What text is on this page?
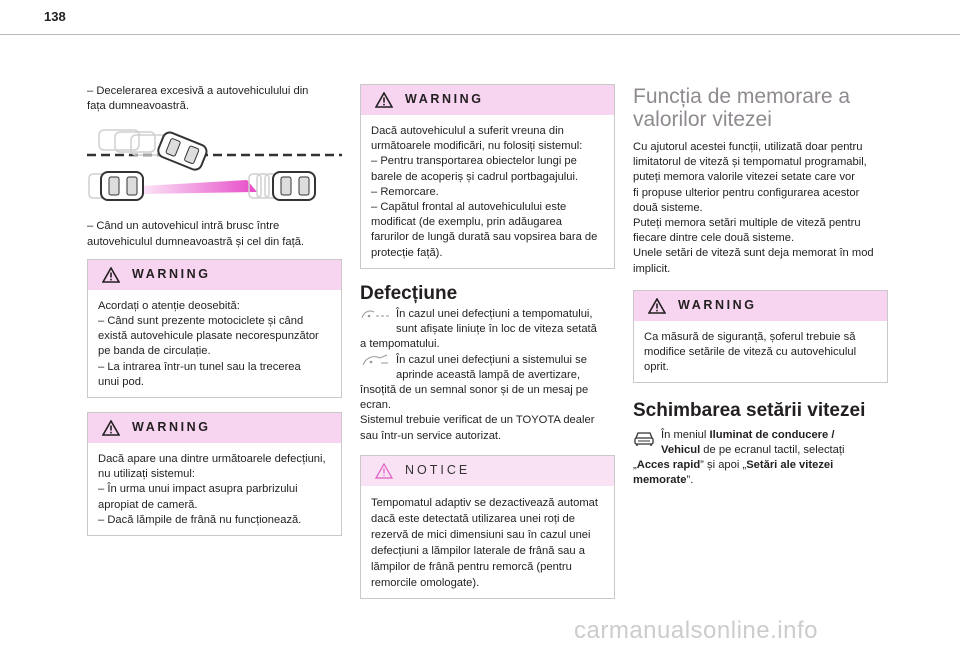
138
– Decelerarea excesivă a autovehiculului din
fața dumneavoastră.
– Când un autovehicul intră brusc între
autovehiculul dumneavoastră și cel din față.
WARNING
Acordați o atenție deosebită:
– Când sunt prezente motociclete și când
există autovehicule plasate necorespunzător
pe banda de circulație.
– La intrarea într-un tunel sau la trecerea
unui pod.
WARNING
Dacă apare una dintre următoarele defecțiuni,
nu utilizați sistemul:
– În urma unui impact asupra parbrizului
apropiat de cameră.
– Dacă lămpile de frână nu funcționează.
WARNING
Dacă autovehiculul a suferit vreuna din
următoarele modificări, nu folosiți sistemul:
– Pentru transportarea obiectelor lungi pe
barele de acoperiș și cadrul portbagajului.
– Remorcare.
– Capătul frontal al autovehiculului este
modificat (de exemplu, prin adăugarea
farurilor de lungă durată sau vopsirea bara de
protecție față).
Defecțiune
În cazul unei defecțiuni a tempomatului,
sunt afișate liniuțe în loc de viteza setată
a tempomatului.
În cazul unei defecțiuni a sistemului se
aprinde această lampă de avertizare,
însoțită de un semnal sonor și de un mesaj pe
ecran.
Sistemul trebuie verificat de un TOYOTA dealer
sau într-un service autorizat.
NOTICE
Tempomatul adaptiv se dezactivează automat
dacă este detectată utilizarea unei roți de
rezervă de mici dimensiuni sau în cazul unei
defecțiuni a lămpilor laterale de frână sau a
lămpilor de frână pentru remorcă (pentru
remorcile omologate).
Funcția de memorare a
valorilor vitezei
Cu ajutorul acestei funcții, utilizată doar pentru
limitatorul de viteză și tempomatul programabil,
puteți memora valorile vitezei setate care vor
fi propuse ulterior pentru configurarea acestor
două sisteme.
Puteți memora setări multiple de viteză pentru
fiecare dintre cele două sisteme.
Unele setări de viteză sunt deja memorat în mod
implicit.
WARNING
Ca măsură de siguranță, șoferul trebuie să
modifice setările de viteză cu autovehiculul
oprit.
Schimbarea setării vitezei
În meniul Iluminat de conducere /
Vehicul de pe ecranul tactil, selectați
„Acces rapid” și apoi „Setări ale vitezei
memorate”.
carmanualsonline.info
